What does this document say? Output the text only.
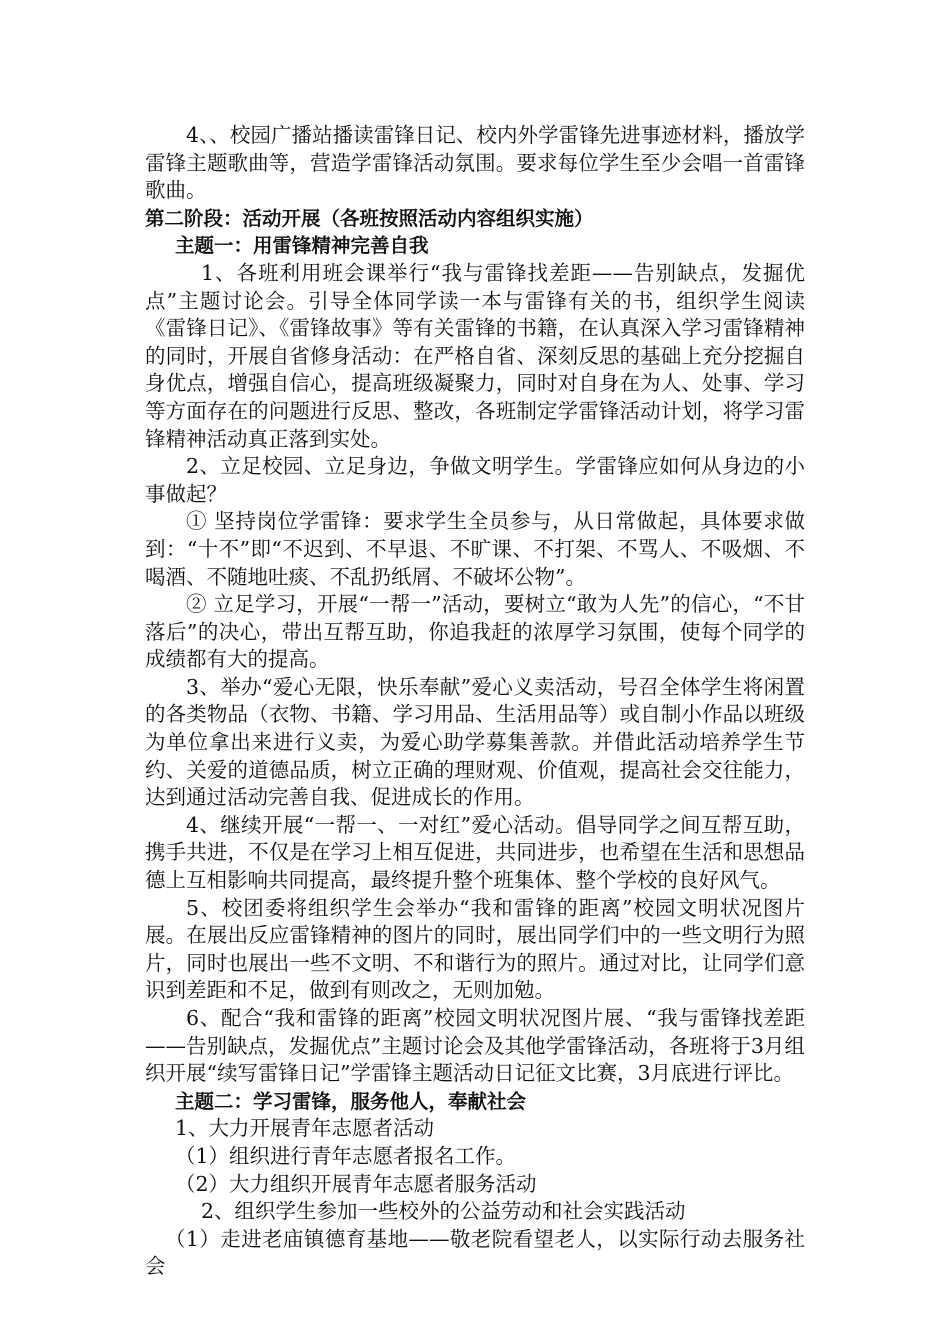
4、、校园广播站播读雷锋日记、校内外学雷锋先进事迹材料，播放学雷锋主题歌曲等，营造学雷锋活动氛围。要求每位学生至少会唱一首雷锋歌曲。

第二阶段：活动开展（各班按照活动内容组织实施）

主题一：用雷锋精神完善自我

1、各班利用班会课举行“我与雷锋找差距——告别缺点，发掘优点”主题讨论会。引导全体同学读一本与雷锋有关的书，组织学生阅读《雷锋日记》、《雷锋故事》等有关雷锋的书籍，在认真深入学习雷锋精神的同时，开展自省修身活动：在严格自省、深刻反思的基础上充分挖掘自身优点，增强自信心，提高班级凝聚力，同时对自身在为人、处事、学习等方面存在的问题进行反思、整改，各班制定学雷锋活动计划，将学习雷锋精神活动真正落到实处。

2、立足校园、立足身边，争做文明学生。学雷锋应如何从身边的小事做起？

① 坚持岗位学雷锋：要求学生全员参与，从日常做起，具体要求做到：“十不”即“不迟到、不早退、不旷课、不打架、不骂人、不吸烟、不喝酒、不随地吐痰、不乱扔纸屑、不破坏公物”。

② 立足学习，开展“一帮一”活动，要树立“敢为人先”的信心，“不甘落后”的决心，带出互帮互助，你追我赶的浓厚学习氛围，使每个同学的成绩都有大的提高。

3、举办“爱心无限，快乐奉献”爱心义卖活动，号召全体学生将闲置的各类物品（衣物、书籍、学习用品、生活用品等）或自制小作品以班级为单位拿出来进行义卖，为爱心助学募集善款。并借此活动培养学生节约、关爱的道德品质，树立正确的理财观、价值观，提高社会交往能力，达到通过活动完善自我、促进成长的作用。

4、继续开展“一帮一、一对红”爱心活动。倡导同学之间互帮互助，携手共进，不仅是在学习上相互促进，共同进步，也希望在生活和思想品德上互相影响共同提高，最终提升整个班集体、整个学校的良好风气。

5、校团委将组织学生会举办“我和雷锋的距离”校园文明状况图片展。在展出反应雷锋精神的图片的同时，展出同学们中的一些文明行为照片，同时也展出一些不文明、不和谐行为的照片。通过对比，让同学们意识到差距和不足，做到有则改之，无则加勉。

6、配合“我和雷锋的距离”校园文明状况图片展、“我与雷锋找差距——告别缺点，发掘优点”主题讨论会及其他学雷锋活动，各班将于3月组织开展“续写雷锋日记”学雷锋主题活动日记征文比赛，3月底进行评比。

主题二：学习雷锋，服务他人，奉献社会

1、大力开展青年志愿者活动

（1）组织进行青年志愿者报名工作。

（2）大力组织开展青年志愿者服务活动

2、组织学生参加一些校外的公益劳动和社会实践活动

（1）走进老庙镇德育基地——敬老院看望老人，以实际行动去服务社会
